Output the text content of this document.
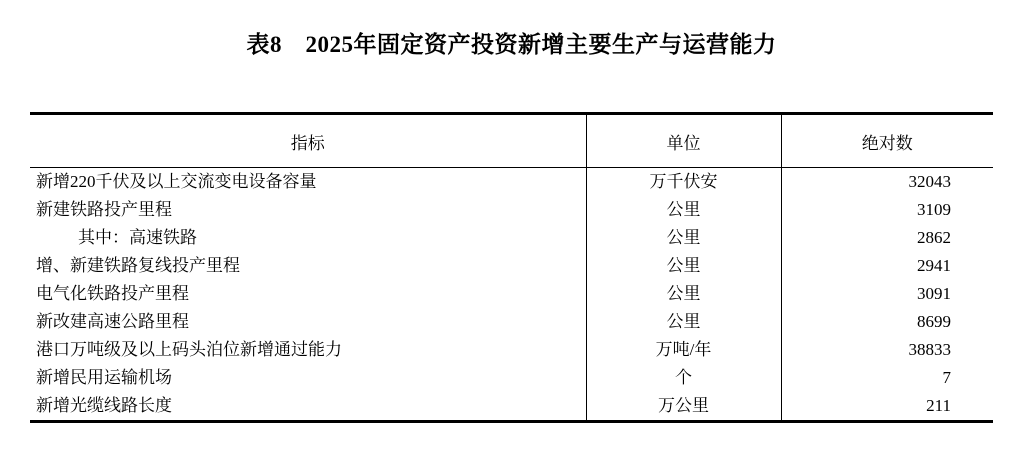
表8　2025年固定资产投资新增主要生产与运营能力
指标	单位	绝对数
新增220千伏及以上交流变电设备容量	万千伏安	32043
新建铁路投产里程	公里	3109
其中：高速铁路	公里	2862
增、新建铁路复线投产里程	公里	2941
电气化铁路投产里程	公里	3091
新改建高速公路里程	公里	8699
港口万吨级及以上码头泊位新增通过能力	万吨/年	38833
新增民用运输机场	个	7
新增光缆线路长度	万公里	211
